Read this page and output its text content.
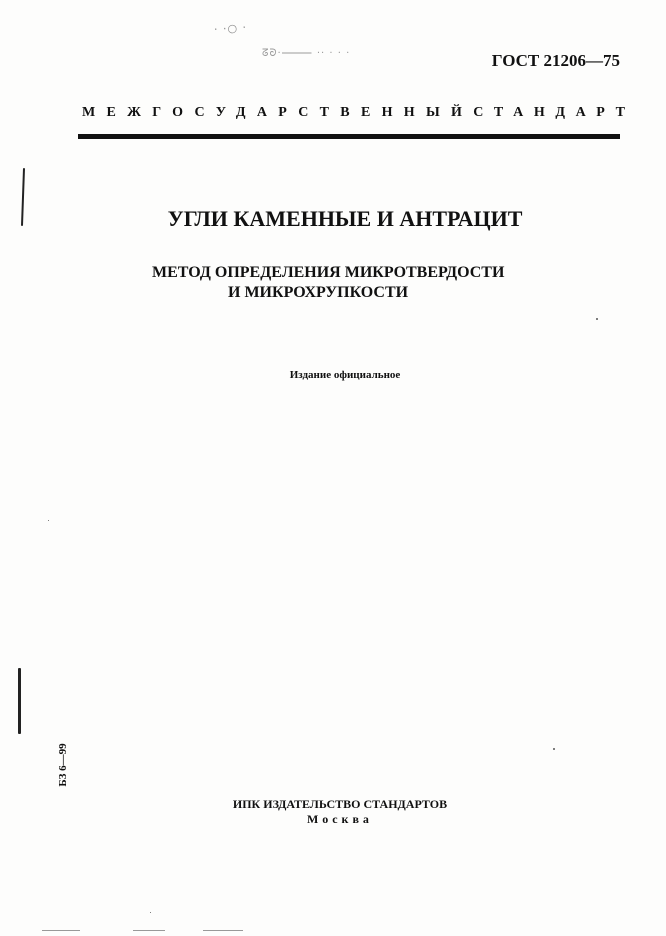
· ·○ ·
ᘔᘐ·⸻ ·· · · ·	ГОСТ 21206—75
МЕЖГОСУДАРСТВЕННЫЙ СТАНДАРТ
УГЛИ КАМЕННЫЕ И АНТРАЦИТ
МЕТОД ОПРЕДЕЛЕНИЯ МИКРОТВЕРДОСТИ
И МИКРОХРУПКОСТИ
Издание официальное
БЗ 6—99
ИПК ИЗДАТЕЛЬСТВО СТАНДАРТОВ
Москва
